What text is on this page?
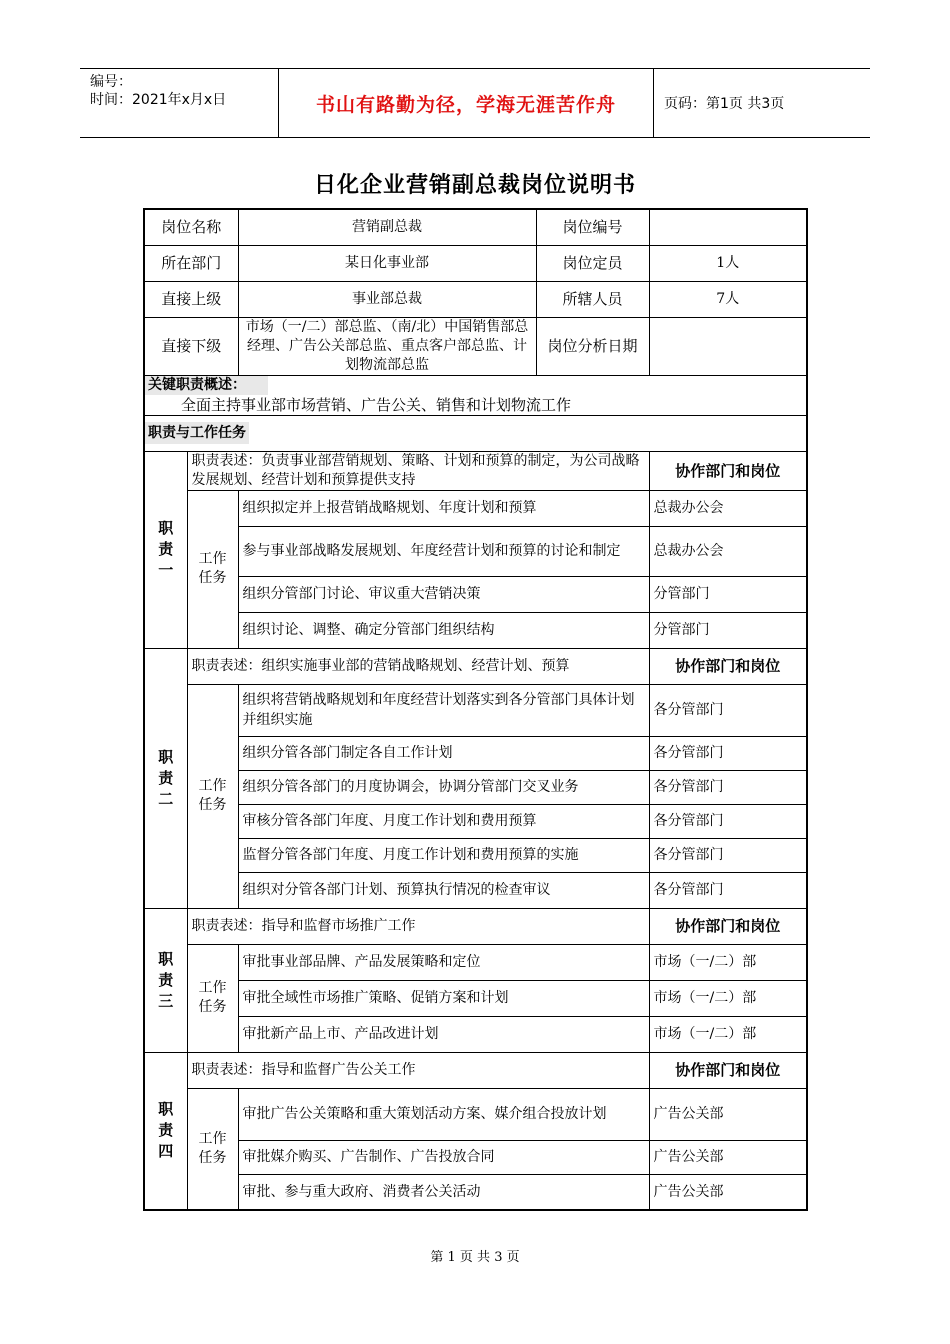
编号：
时间：2021年x月x日	书山有路勤为径，学海无涯苦作舟	页码：第1页 共3页
日化企业营销副总裁岗位说明书
岗位名称		营销副总裁	岗位编号	
所在部门		某日化事业部	岗位定员	1人
直接上级		事业部总裁	所辖人员	7人
直接下级		市场（一/二）部总监、（南/北）中国销售部总经理、广告公关部总监、重点客户部总监、计划物流部总监	岗位分析日期	

关键职责概述：
全面主持事业部市场营销、广告公关、销售和计划物流工作				

职责与工作任务				
职责一	职责表述：负责事业部营销规划、策略、计划和预算的制定，为公司战略发展规划、经营计划和预算提供支持			协作部门和岗位
	工作任务	组织拟定并上报营销战略规划、年度计划和预算		总裁办公会
		参与事业部战略发展规划、年度经营计划和预算的讨论和制定		总裁办公会
		组织分管部门讨论、审议重大营销决策		分管部门
		组织讨论、调整、确定分管部门组织结构		分管部门
职责二	职责表述：组织实施事业部的营销战略规划、经营计划、预算			协作部门和岗位
	工作任务	组织将营销战略规划和年度经营计划落实到各分管部门具体计划并组织实施		各分管部门
		组织分管各部门制定各自工作计划		各分管部门
		组织分管各部门的月度协调会，协调分管部门交叉业务		各分管部门
		审核分管各部门年度、月度工作计划和费用预算		各分管部门
		监督分管各部门年度、月度工作计划和费用预算的实施		各分管部门
		组织对分管各部门计划、预算执行情况的检查审议		各分管部门
职责三	职责表述：指导和监督市场推广工作			协作部门和岗位
	工作任务	审批事业部品牌、产品发展策略和定位		市场（一/二）部
		审批全域性市场推广策略、促销方案和计划		市场（一/二）部
		审批新产品上市、产品改进计划		市场（一/二）部
职责四	职责表述：指导和监督广告公关工作			协作部门和岗位
	工作任务	审批广告公关策略和重大策划活动方案、媒介组合投放计划		广告公关部
		审批媒介购买、广告制作、广告投放合同		广告公关部
		审批、参与重大政府、消费者公关活动		广告公关部
第 1 页 共 3 页
